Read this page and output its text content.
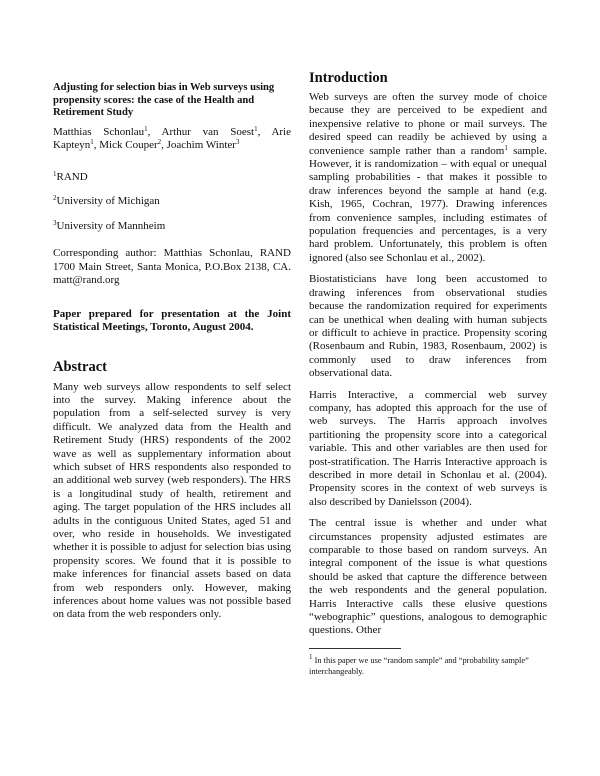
Adjusting for selection bias in Web surveys using propensity scores: the case of the Health and Retirement Study

Matthias Schonlau$^1$, Arthur van Soest$^1$, Arie Kapteyn$^1$, Mick Couper$^2$, Joachim Winter$^3$

$^1$RAND

$^2$University of Michigan

$^3$University of Mannheim

Corresponding author: Matthias Schonlau, RAND 1700 Main Street, Santa Monica, P.O.Box 2138, CA. matt@rand.org

Paper prepared for presentation at the Joint Statistical Meetings, Toronto, August 2004.

Abstract

Many web surveys allow respondents to self select into the survey. Making inference about the population from a self-selected survey is very difficult. We analyzed data from the Health and Retirement Study (HRS) respondents of the 2002 wave as well as supplementary information about which subset of HRS respondents also responded to an additional web survey (web responders). The HRS is a longitudinal study of health, retirement and aging. The target population of the HRS includes all adults in the contiguous United States, aged 51 and over, who reside in households. We investigated whether it is possible to adjust for selection bias using propensity scores. We found that it is possible to make inferences for financial assets based on data from web responders only. However, making inferences about home values was not possible based on data from the web responders only.

Introduction

Web surveys are often the survey mode of choice because they are perceived to be expedient and inexpensive relative to phone or mail surveys. The desired speed can readily be achieved by using a convenience sample rather than a random$^1$ sample. However, it is randomization – with equal or unequal sampling probabilities - that makes it possible to draw inferences beyond the sample at hand (e.g. Kish, 1965, Cochran, 1977). Drawing inferences from convenience samples, including estimates of population frequencies and percentages, is a very hard problem. Unfortunately, this problem is often ignored (also see Schonlau et al., 2002).

Biostatisticians have long been accustomed to drawing inferences from observational studies because the randomization required for experiments can be unethical when dealing with human subjects or difficult to achieve in practice. Propensity scoring (Rosenbaum and Rubin, 1983, Rosenbaum, 2002) is commonly used to draw inferences from observational data.

Harris Interactive, a commercial web survey company, has adopted this approach for the use of web surveys. The Harris approach involves partitioning the propensity score into a categorical variable. This and other variables are then used for post-stratification. The Harris Interactive approach is described in more detail in Schonlau et al. (2004). Propensity scores in the context of web surveys is also described by Danielsson (2004).

The central issue is whether and under what circumstances propensity adjusted estimates are comparable to those based on random surveys. An integral component of the issue is what questions should be asked that capture the difference between the web respondents and the general population. Harris Interactive calls these elusive questions “webographic” questions, analogous to demographic questions. Other

$^1$ In this paper we use “random sample” and “probability sample” interchangeably.
